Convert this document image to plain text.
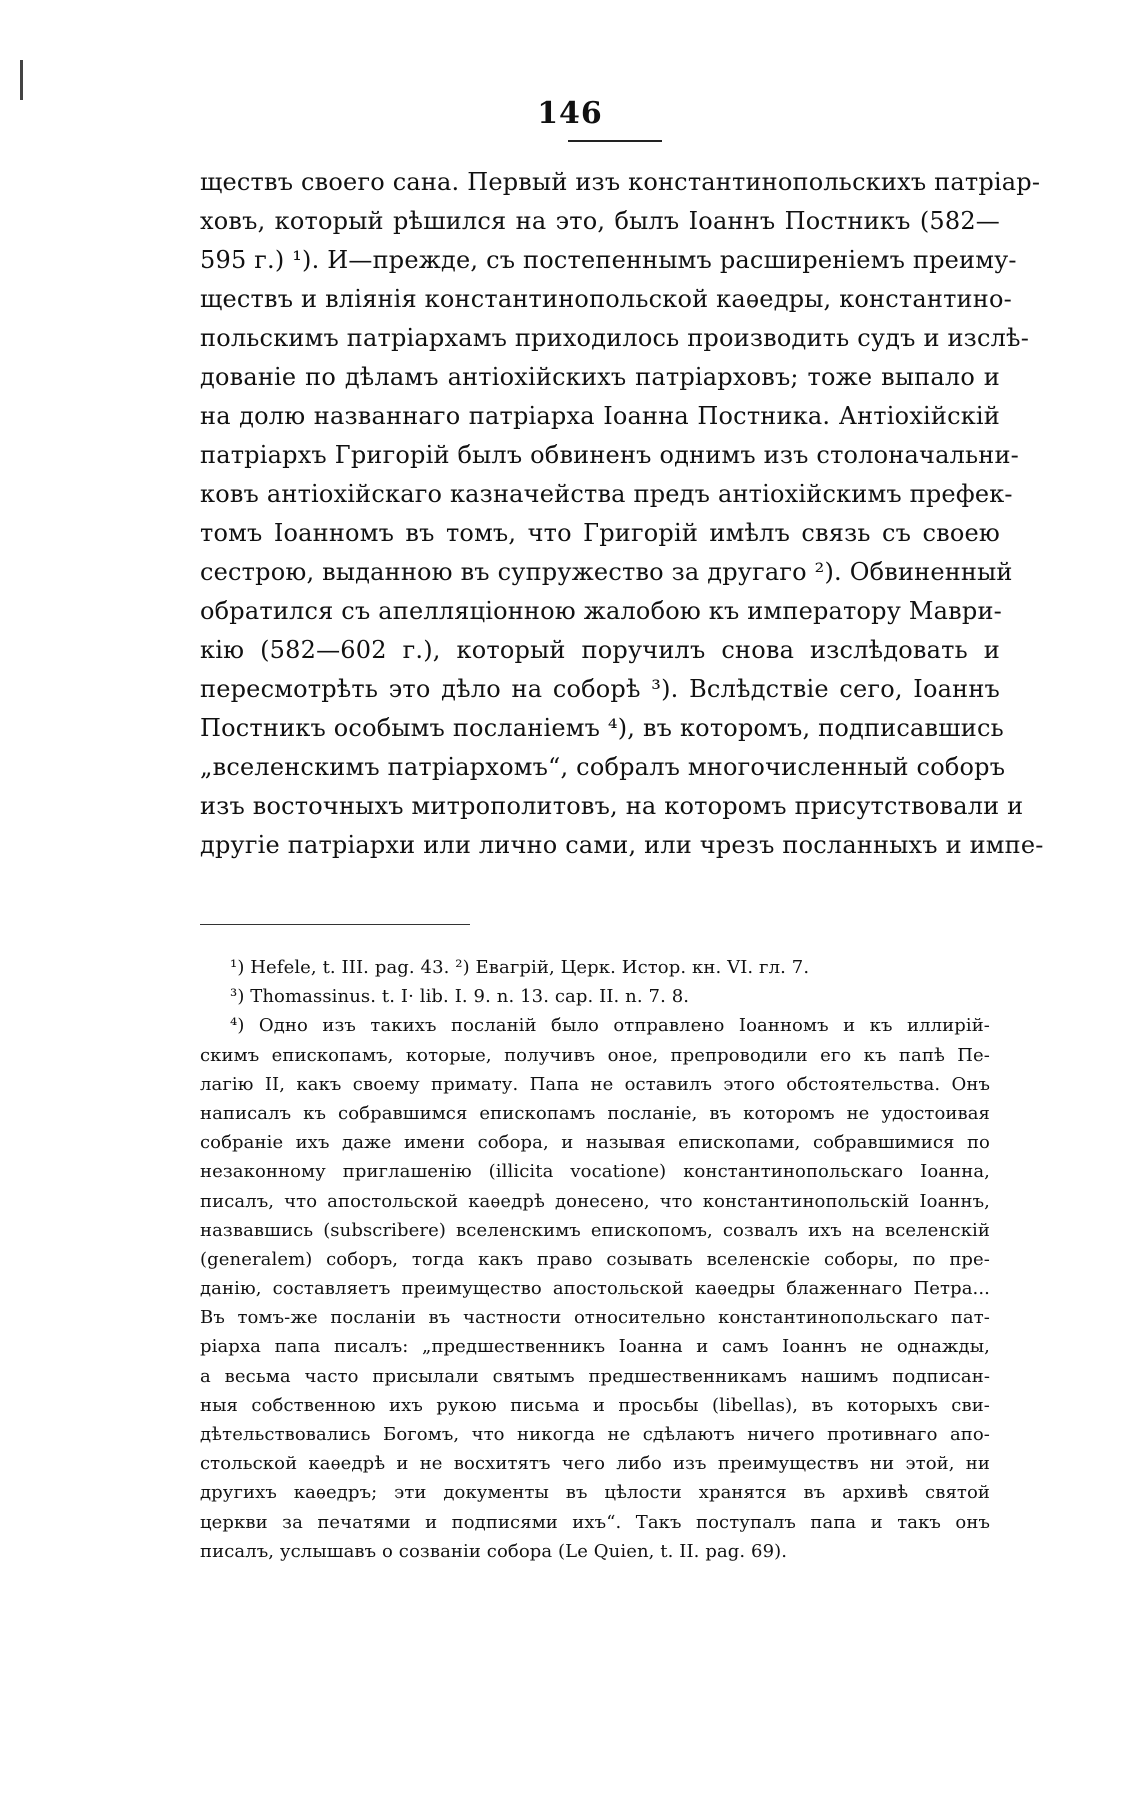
146
ществъ своего сана. Первый изъ константинопольскихъ патріар-
ховъ, который рѣшился на это, былъ Іоаннъ Постникъ (582—
595 г.) ¹). И—прежде, съ постепеннымъ расширеніемъ преиму-
ществъ и вліянія константинопольской каѳедры, константино-
польскимъ патріархамъ приходилось производить судъ и изслѣ-
дованіе по дѣламъ антіохійскихъ патріарховъ; тоже выпало и
на долю названнаго патріарха Іоанна Постника. Антіохійскій
патріархъ Григорій былъ обвиненъ однимъ изъ столоначальни-
ковъ антіохійскаго казначейства предъ антіохійскимъ префек-
томъ Іоанномъ въ томъ, что Григорій имѣлъ связь съ своею
сестрою, выданною въ супружество за другаго ²). Обвиненный
обратился съ апелляціонною жалобою къ императору Маври-
кію (582—602 г.), который поручилъ снова изслѣдовать и
пересмотрѣть это дѣло на соборѣ ³). Вслѣдствіе сего, Іоаннъ
Постникъ особымъ посланіемъ ⁴), въ которомъ, подписавшись
„вселенскимъ патріархомъ“, собралъ многочисленный соборъ
изъ восточныхъ митрополитовъ, на которомъ присутствовали и
другіе патріархи или лично сами, или чрезъ посланныхъ и импе-
¹) Hefele, t. III. pag. 43. ²) Евагрій, Церк. Истор. кн. VI. гл. 7.
³) Thomassinus. t. I· lib. I. 9. n. 13. cap. II. n. 7. 8.
⁴) Одно изъ такихъ посланій было отправлено Іоанномъ и къ иллирій-
скимъ епископамъ, которые, получивъ оное, препроводили его къ папѣ Пе-
лагію II, какъ своему примату. Папа не оставилъ этого обстоятельства. Онъ
написалъ къ собравшимся епископамъ посланіе, въ которомъ не удостоивая
собраніе ихъ даже имени собора, и называя епископами, собравшимися по
незаконному приглашенію (illicita vocatione) константинопольскаго Іоанна,
писалъ, что апостольской каѳедрѣ донесено, что константинопольскій Іоаннъ,
назвавшись (subscribere) вселенскимъ епископомъ, созвалъ ихъ на вселенскій
(generalem) соборъ, тогда какъ право созывать вселенскіе соборы, по пре-
данію, составляетъ преимущество апостольской каѳедры блаженнаго Петра...
Въ томъ-же посланіи въ частности относительно константинопольскаго пат-
ріарха папа писалъ: „предшественникъ Іоанна и самъ Іоаннъ не однажды,
а весьма часто присылали святымъ предшественникамъ нашимъ подписан-
ныя собственною ихъ рукою письма и просьбы (libellas), въ которыхъ сви-
дѣтельствовались Богомъ, что никогда не сдѣлаютъ ничего противнаго апо-
стольской каѳедрѣ и не восхитятъ чего либо изъ преимуществъ ни этой, ни
другихъ каѳедръ; эти документы въ цѣлости хранятся въ архивѣ святой
церкви за печатями и подписями ихъ“. Такъ поступалъ папа и такъ онъ
писалъ, услышавъ о созваніи собора (Le Quien, t. II. pag. 69).
